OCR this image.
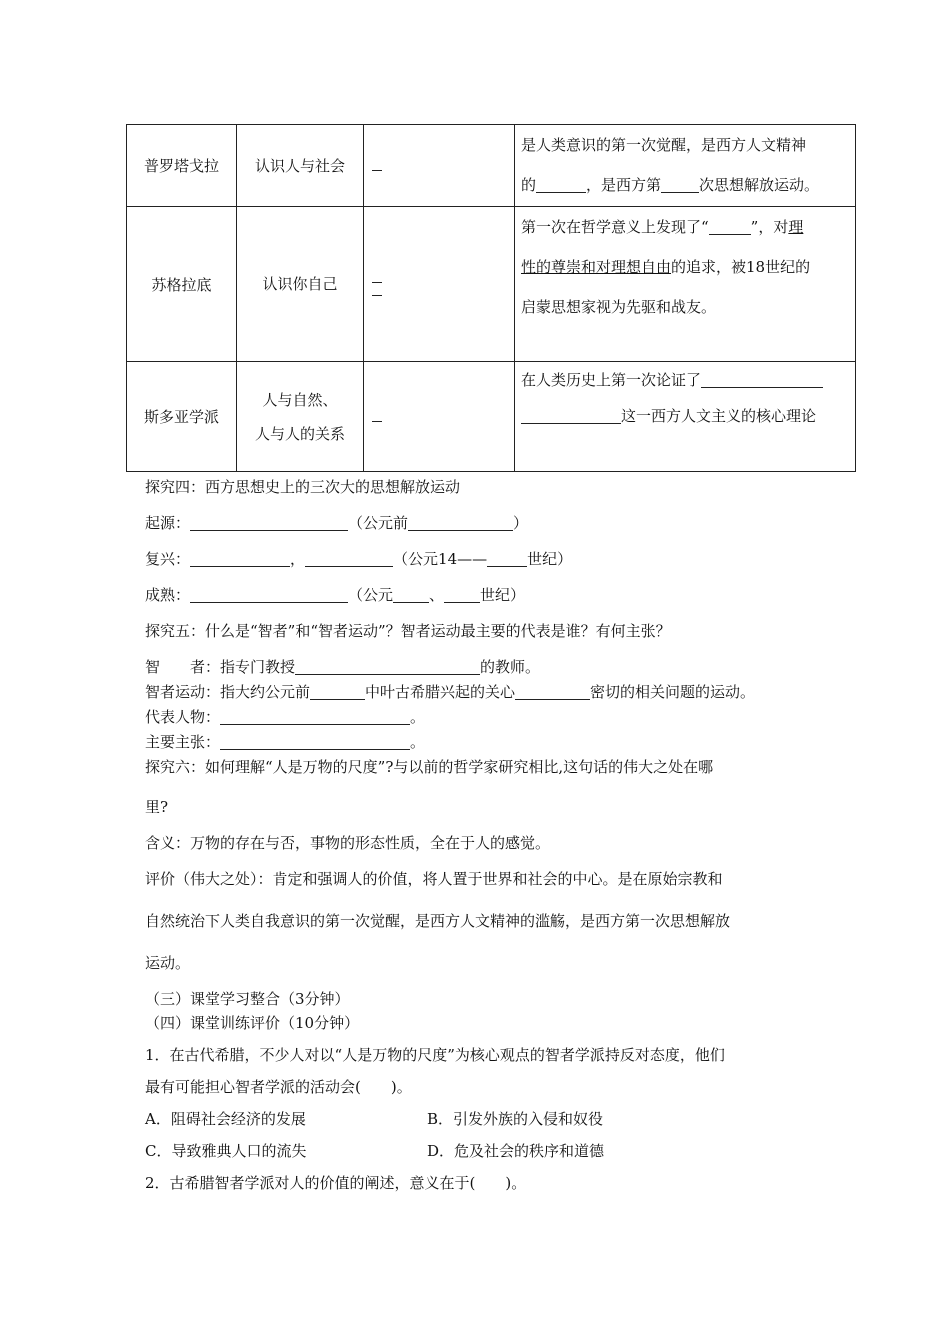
普罗塔戈拉	认识人与社会		是人类意识的第一次觉醒，是西方人文精神
的 ，是西方第 次思想解放运动。
苏格拉底	认识你自己		第一次在哲学意义上发现了“ ”，对理
性的尊崇和对理想自由的追求，被18世纪的
启蒙思想家视为先驱和战友。
斯多亚学派	人与自然、
人与人的关系		在人类历史上第一次论证了
这一西方人文主义的核心理论
探究四：西方思想史上的三次大的思想解放运动
起源：	（公元前	）
复兴：	，	（公元14——	世纪）
成熟：	（公元 、 世纪）
探究五：什么是“智者”和“智者运动”？智者运动最主要的代表是谁？有何主张？
智　　者：指专门教授	的教师。
智者运动：指大约公元前	中叶古希腊兴起的关心	密切的相关问题的运动。
代表人物：	。
主要主张：	。
探究六：如何理解“人是万物的尺度”?与以前的哲学家研究相比,这句话的伟大之处在哪
里?
含义：万物的存在与否，事物的形态性质，全在于人的感觉。
评价（伟大之处）：肯定和强调人的价值，将人置于世界和社会的中心。是在原始宗教和
自然统治下人类自我意识的第一次觉醒，是西方人文精神的滥觞，是西方第一次思想解放
运动。
（三）课堂学习整合（3分钟）
（四）课堂训练评价（10分钟）
1．在古代希腊，不少人对以“人是万物的尺度”为核心观点的智者学派持反对态度，他们
最有可能担心智者学派的活动会(　　)。
A．阻碍社会经济的发展	B．引发外族的入侵和奴役
C．导致雅典人口的流失	D．危及社会的秩序和道德
2．古希腊智者学派对人的价值的阐述，意义在于(　　)。
